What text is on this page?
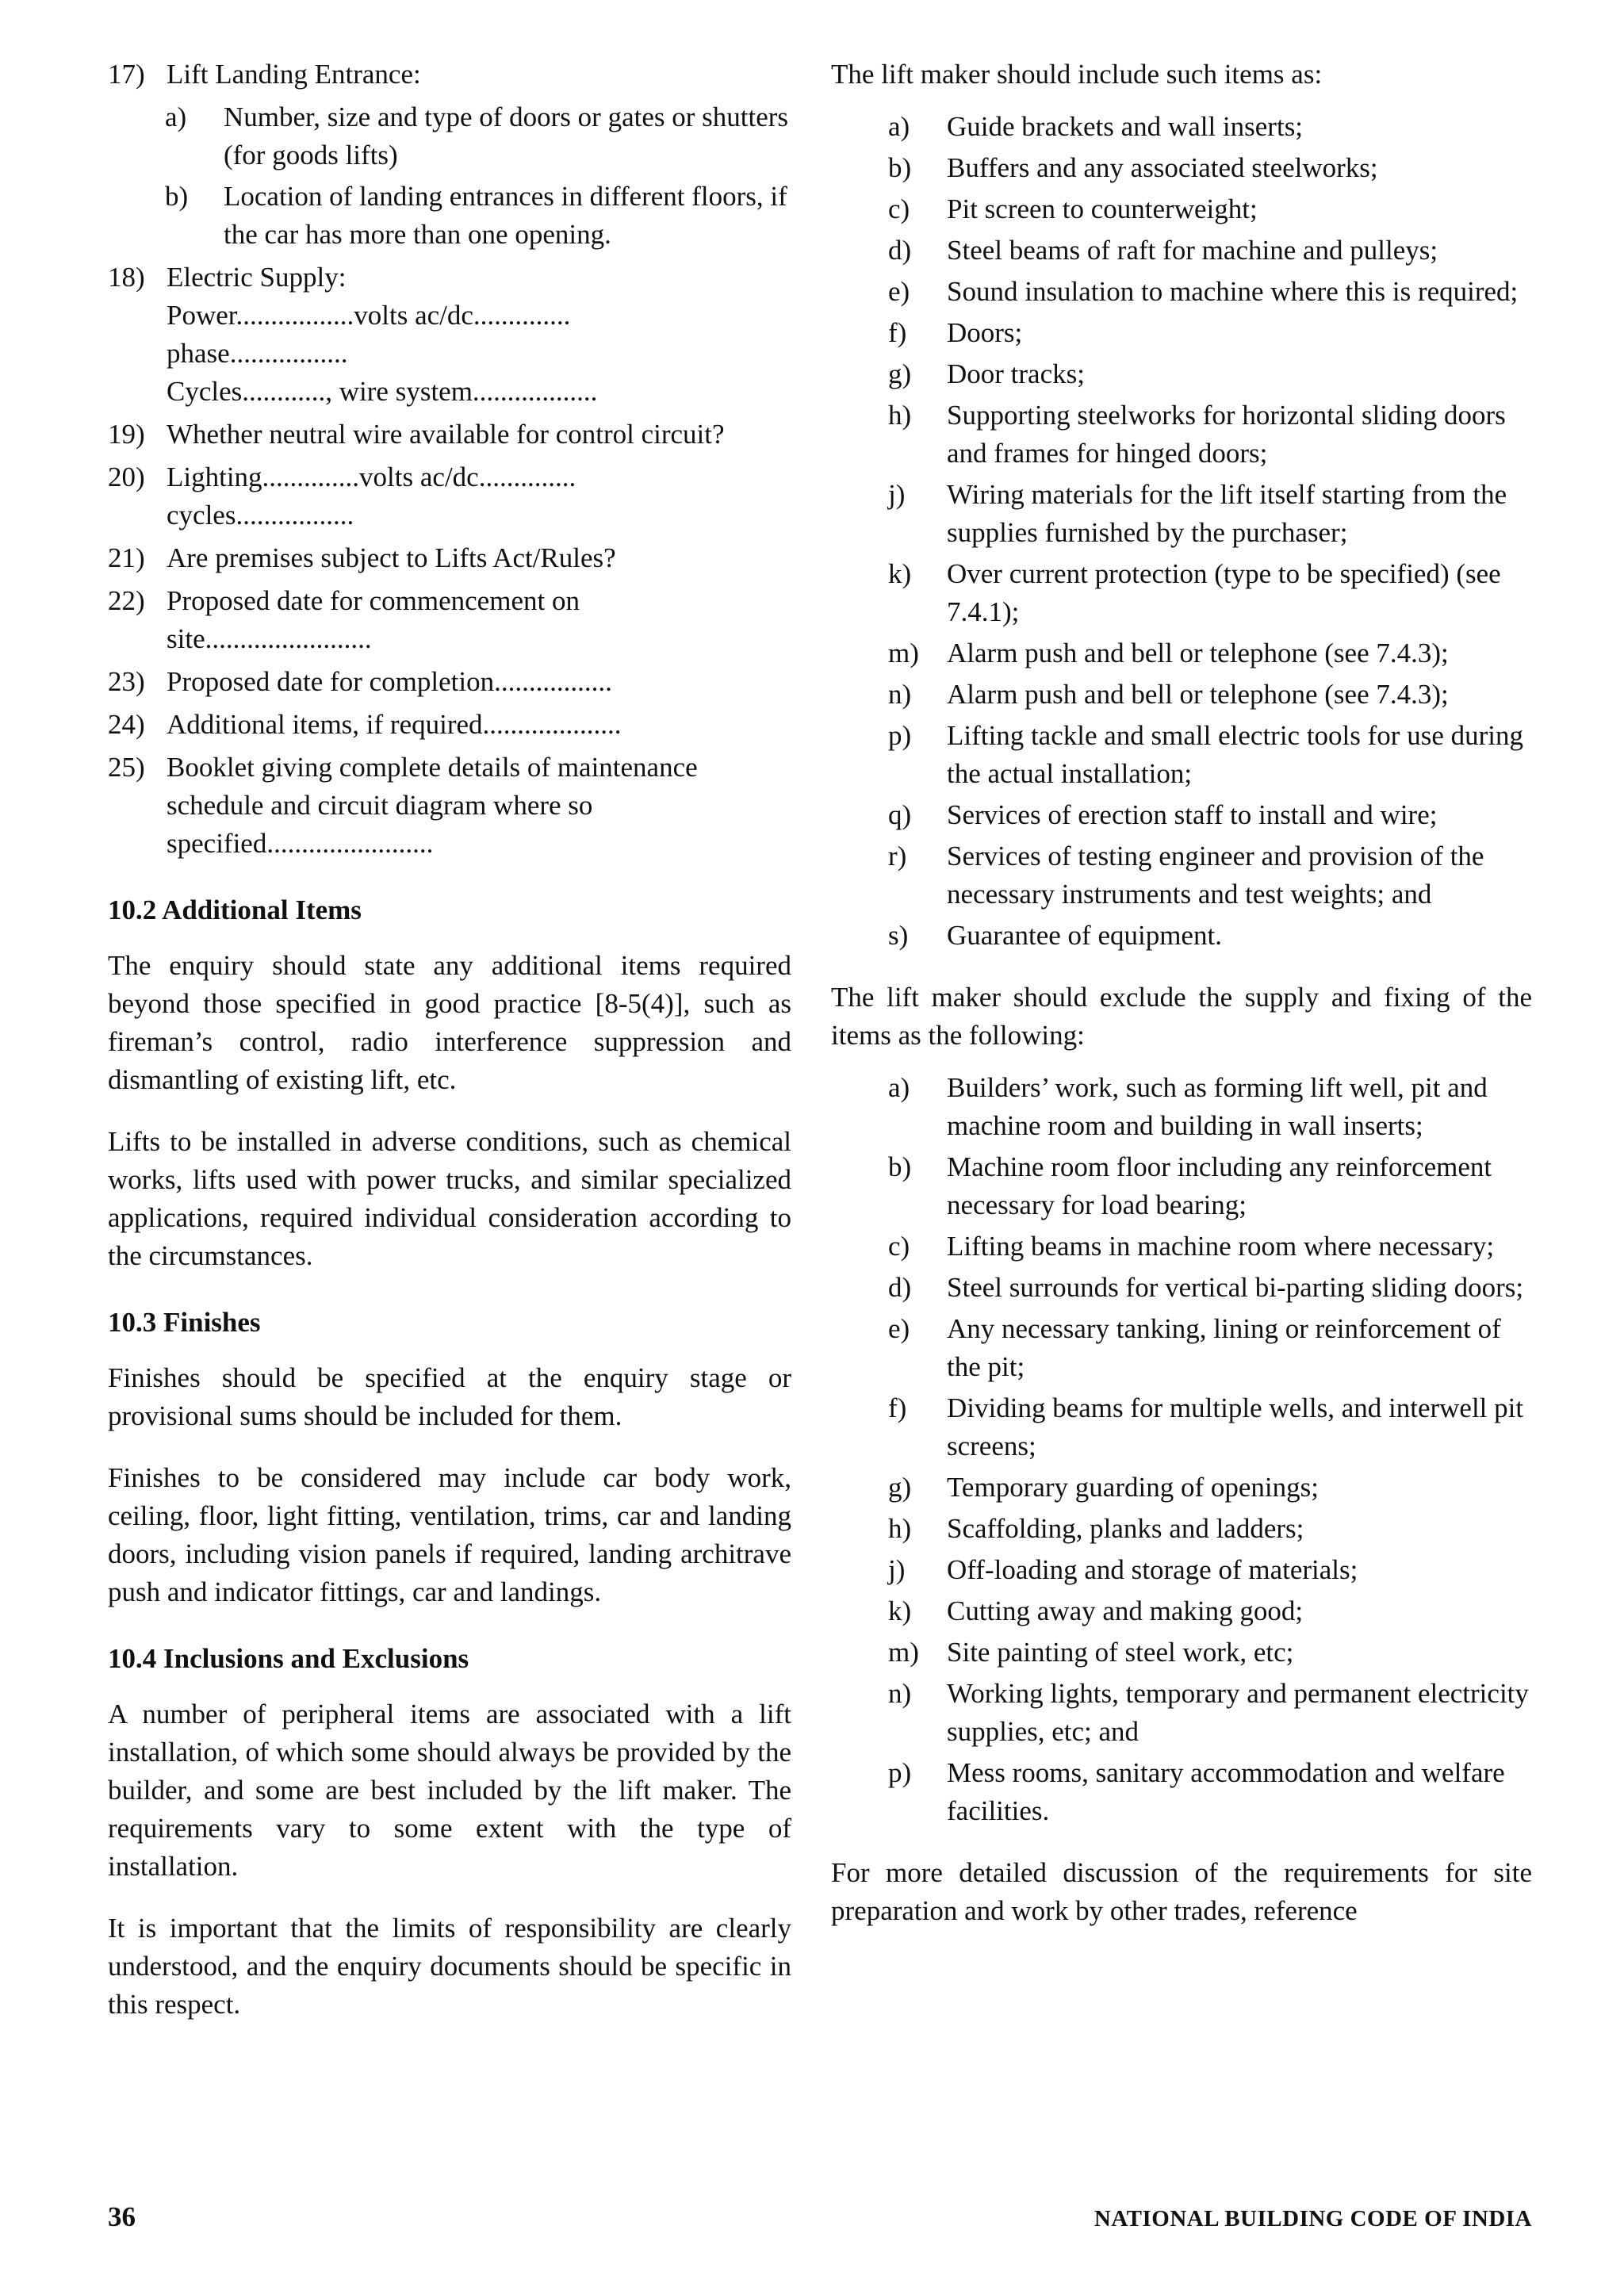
17) Lift Landing Entrance:
a)	Number, size and type of doors or gates or shutters (for goods lifts)
b)	Location of landing entrances in different floors, if the car has more than one opening.
18) Electric Supply:
Power.................volts ac/dc..............
phase.................
Cycles............, wire system..................
19) Whether neutral wire available for control circuit?
20) Lighting..............volts ac/dc..............
cycles.................
21) Are premises subject to Lifts Act/Rules?
22) Proposed date for commencement on site........................
23) Proposed date for completion.................
24) Additional items, if required....................
25) Booklet giving complete details of maintenance schedule and circuit diagram where so specified........................
10.2 Additional Items

The enquiry should state any additional items required beyond those specified in good practice [8-5(4)], such as fireman’s control, radio interference suppression and dismantling of existing lift, etc.

Lifts to be installed in adverse conditions, such as chemical works, lifts used with power trucks, and similar specialized applications, required individual consideration according to the circumstances.

10.3 Finishes

Finishes should be specified at the enquiry stage or provisional sums should be included for them.

Finishes to be considered may include car body work, ceiling, floor, light fitting, ventilation, trims, car and landing doors, including vision panels if required, landing architrave push and indicator fittings, car and landings.

10.4 Inclusions and Exclusions

A number of peripheral items are associated with a lift installation, of which some should always be provided by the builder, and some are best included by the lift maker. The requirements vary to some extent with the type of installation.

It is important that the limits of responsibility are clearly understood, and the enquiry documents should be specific in this respect.

The lift maker should include such items as:

a)	Guide brackets and wall inserts;
b)	Buffers and any associated steelworks;
c)	Pit screen to counterweight;
d)	Steel beams of raft for machine and pulleys;
e)	Sound insulation to machine where this is required;
f)	Doors;
g)	Door tracks;
h)	Supporting steelworks for horizontal sliding doors and frames for hinged doors;
j)	Wiring materials for the lift itself starting from the supplies furnished by the purchaser;
k)	Over current protection (type to be specified) (see 7.4.1);
m)	Alarm push and bell or telephone (see 7.4.3);
n)	Alarm push and bell or telephone (see 7.4.3);
p)	Lifting tackle and small electric tools for use during the actual installation;
q)	Services of erection staff to install and wire;
r)	Services of testing engineer and provision of the necessary instruments and test weights; and
s)	Guarantee of equipment.

The lift maker should exclude the supply and fixing of the items as the following:

a)	Builders’ work, such as forming lift well, pit and machine room and building in wall inserts;
b)	Machine room floor including any reinforcement necessary for load bearing;
c)	Lifting beams in machine room where necessary;
d)	Steel surrounds for vertical bi-parting sliding doors;
e)	Any necessary tanking, lining or reinforcement of the pit;
f)	Dividing beams for multiple wells, and interwell pit screens;
g)	Temporary guarding of openings;
h)	Scaffolding, planks and ladders;
j)	Off-loading and storage of materials;
k)	Cutting away and making good;
m)	Site painting of steel work, etc;
n)	Working lights, temporary and permanent electricity supplies, etc; and
p)	Mess rooms, sanitary accommodation and welfare facilities.

For more detailed discussion of the requirements for site preparation and work by other trades, reference

36	NATIONAL BUILDING CODE OF INDIA
